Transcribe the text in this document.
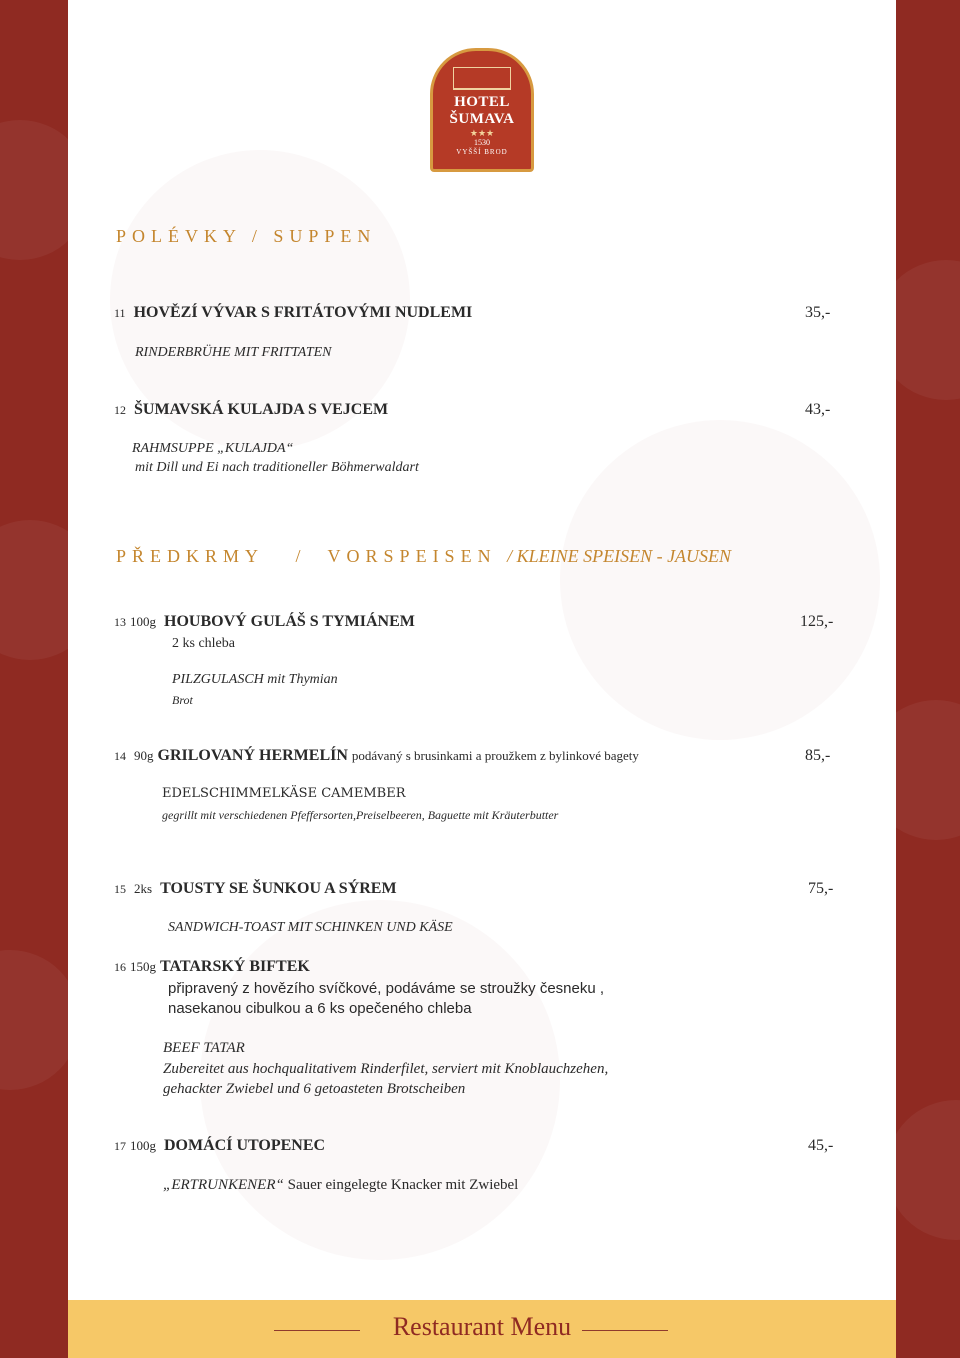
HOTEL
ŠUMAVA
★★★
1530
VYŠŠÍ BROD
POLÉVKY / SUPPEN
11 HOVĚZÍ VÝVAR S FRITÁTOVÝMI NUDLEMI	35,-
RINDERBRÜHE MIT FRITTATEN
12 ŠUMAVSKÁ KULAJDA S VEJCEM	43,-
RAHMSUPPE „KULAJDA“
mit Dill und Ei nach traditioneller Böhmerwaldart
PŘEDKRMY / VORSPEISEN / KLEINE SPEISEN - JAUSEN
13 100g HOUBOVÝ GULÁŠ S TYMIÁNEM	125,-
2 ks chleba
PILZGULASCH mit Thymian
Brot
14 90g GRILOVANÝ HERMELÍN podávaný s brusinkami a proužkem z bylinkové bagety	85,-
EDELSCHIMMELKÄSE CAMEMBER
gegrillt mit verschiedenen Pfeffersorten,Preiselbeeren, Baguette mit Kräuterbutter
15 2ks TOUSTY SE ŠUNKOU A SÝREM	75,-
SANDWICH-TOAST MIT SCHINKEN UND KÄSE
16 150g TATARSKÝ BIFTEK
připravený z hovězího svíčkové, podáváme se stroužky česneku ,
nasekanou cibulkou a 6 ks opečeného chleba
BEEF TATAR
Zubereitet aus hochqualitativem Rinderfilet, serviert mit Knoblauchzehen,
gehackter Zwiebel und 6 getoasteten Brotscheiben
17 100g DOMÁCÍ UTOPENEC	45,-
„ERTRUNKENER“ Sauer eingelegte Knacker mit Zwiebel
Restaurant Menu
